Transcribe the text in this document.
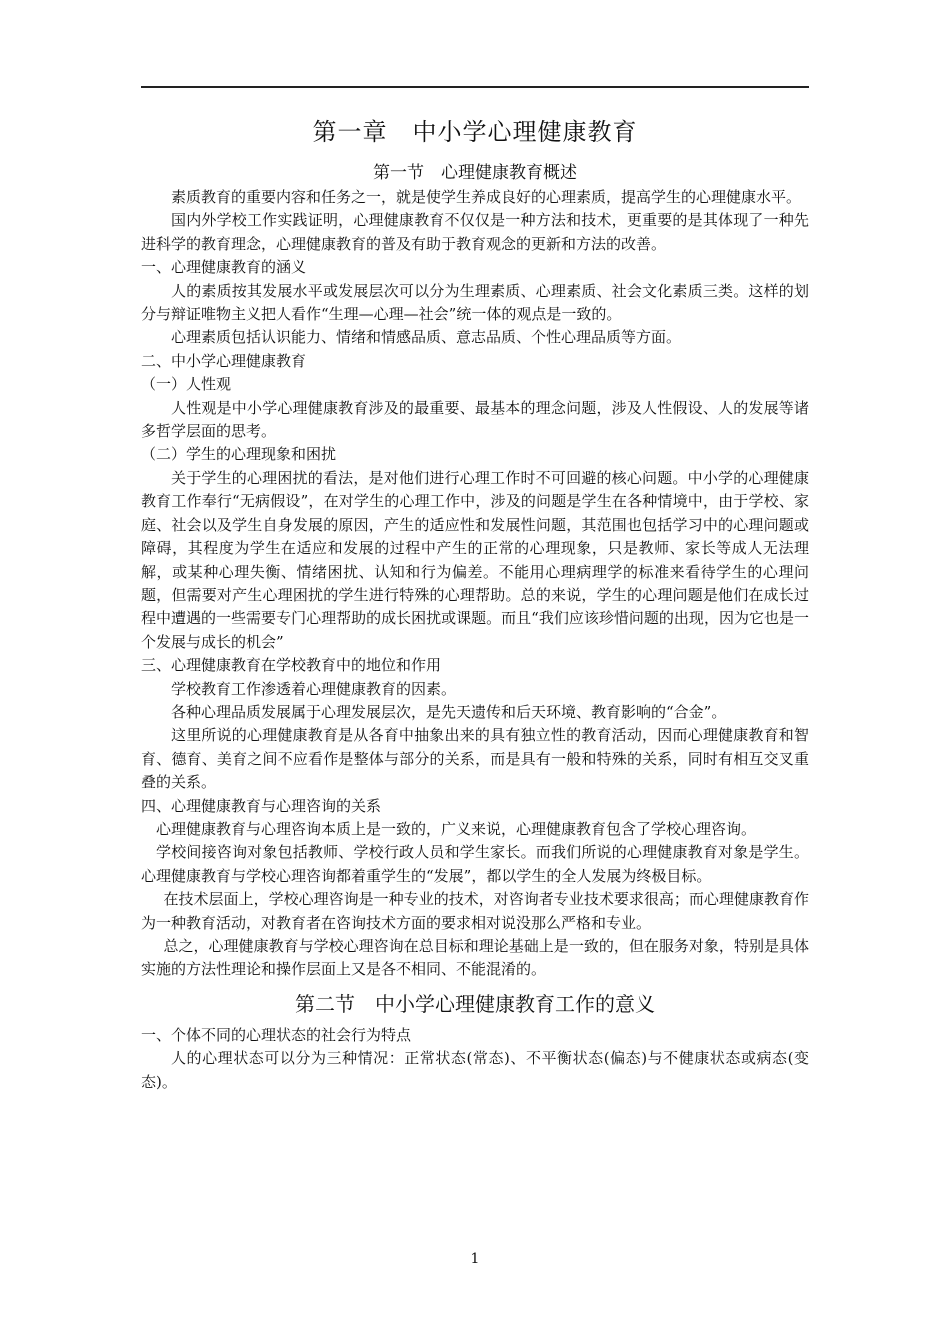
第一章　中小学心理健康教育
第一节　心理健康教育概述

素质教育的重要内容和任务之一，就是使学生养成良好的心理素质，提高学生的心理健康水平。

国内外学校工作实践证明，心理健康教育不仅仅是一种方法和技术，更重要的是其体现了一种先进科学的教育理念，心理健康教育的普及有助于教育观念的更新和方法的改善。

一、心理健康教育的涵义

人的素质按其发展水平或发展层次可以分为生理素质、心理素质、社会文化素质三类。这样的划分与辩证唯物主义把人看作“生理—心理—社会”统一体的观点是一致的。

心理素质包括认识能力、情绪和情感品质、意志品质、个性心理品质等方面。

二、中小学心理健康教育

（一）人性观

人性观是中小学心理健康教育涉及的最重要、最基本的理念问题，涉及人性假设、人的发展等诸多哲学层面的思考。

（二）学生的心理现象和困扰

关于学生的心理困扰的看法，是对他们进行心理工作时不可回避的核心问题。中小学的心理健康教育工作奉行“无病假设”，在对学生的心理工作中，涉及的问题是学生在各种情境中，由于学校、家庭、社会以及学生自身发展的原因，产生的适应性和发展性问题，其范围也包括学习中的心理问题或障碍，其程度为学生在适应和发展的过程中产生的正常的心理现象，只是教师、家长等成人无法理解，或某种心理失衡、情绪困扰、认知和行为偏差。不能用心理病理学的标准来看待学生的心理问题，但需要对产生心理困扰的学生进行特殊的心理帮助。总的来说，学生的心理问题是他们在成长过程中遭遇的一些需要专门心理帮助的成长困扰或课题。而且“我们应该珍惜问题的出现，因为它也是一个发展与成长的机会”

三、心理健康教育在学校教育中的地位和作用

学校教育工作渗透着心理健康教育的因素。

各种心理品质发展属于心理发展层次，是先天遗传和后天环境、教育影响的“合金”。

这里所说的心理健康教育是从各育中抽象出来的具有独立性的教育活动，因而心理健康教育和智育、德育、美育之间不应看作是整体与部分的关系，而是具有一般和特殊的关系，同时有相互交叉重叠的关系。

四、心理健康教育与心理咨询的关系

心理健康教育与心理咨询本质上是一致的，广义来说，心理健康教育包含了学校心理咨询。

学校间接咨询对象包括教师、学校行政人员和学生家长。而我们所说的心理健康教育对象是学生。心理健康教育与学校心理咨询都着重学生的“发展”，都以学生的全人发展为终极目标。

在技术层面上，学校心理咨询是一种专业的技术，对咨询者专业技术要求很高；而心理健康教育作为一种教育活动，对教育者在咨询技术方面的要求相对说没那么严格和专业。

总之，心理健康教育与学校心理咨询在总目标和理论基础上是一致的，但在服务对象，特别是具体实施的方法性理论和操作层面上又是各不相同、不能混淆的。

第二节　中小学心理健康教育工作的意义

一、个体不同的心理状态的社会行为特点

人的心理状态可以分为三种情况：正常状态(常态)、不平衡状态(偏态)与不健康状态或病态(变态)。

1
